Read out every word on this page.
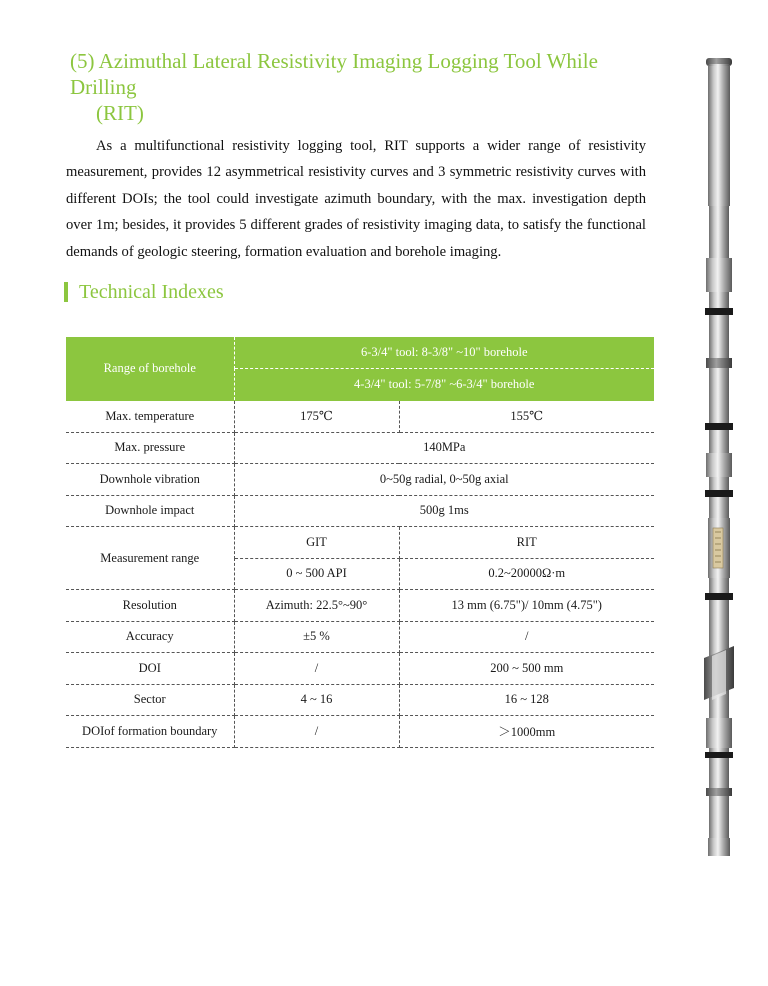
(5) Azimuthal Lateral Resistivity Imaging Logging Tool While Drilling
(RIT)

As a multifunctional resistivity logging tool, RIT supports a wider range of resistivity measurement, provides 12 asymmetrical resistivity curves and 3 symmetric resistivity curves with different DOIs; the tool could investigate azimuth boundary, with the max. investigation depth over 1m; besides, it provides 5 different grades of resistivity imaging data, to satisfy the functional demands of geologic steering, formation evaluation and borehole imaging.

Technical Indexes
Range of borehole	6-3/4" tool: 8-3/8" ~10" borehole	
	4-3/4" tool: 5-7/8" ~6-3/4" borehole	
Max. temperature	175℃	155℃
Max. pressure	140MPa	
Downhole vibration	0~50g radial, 0~50g axial	
Downhole impact	500g 1ms	
Measurement range	GIT	RIT
	0 ~ 500 API	0.2~20000Ω·m
Resolution	Azimuth: 22.5°~90°	13 mm (6.75")/ 10mm (4.75")
Accuracy	±5 %	/
DOI	/	200 ~ 500 mm
Sector	4 ~ 16	16 ~ 128
DOIof formation boundary	/	＞1000mm
